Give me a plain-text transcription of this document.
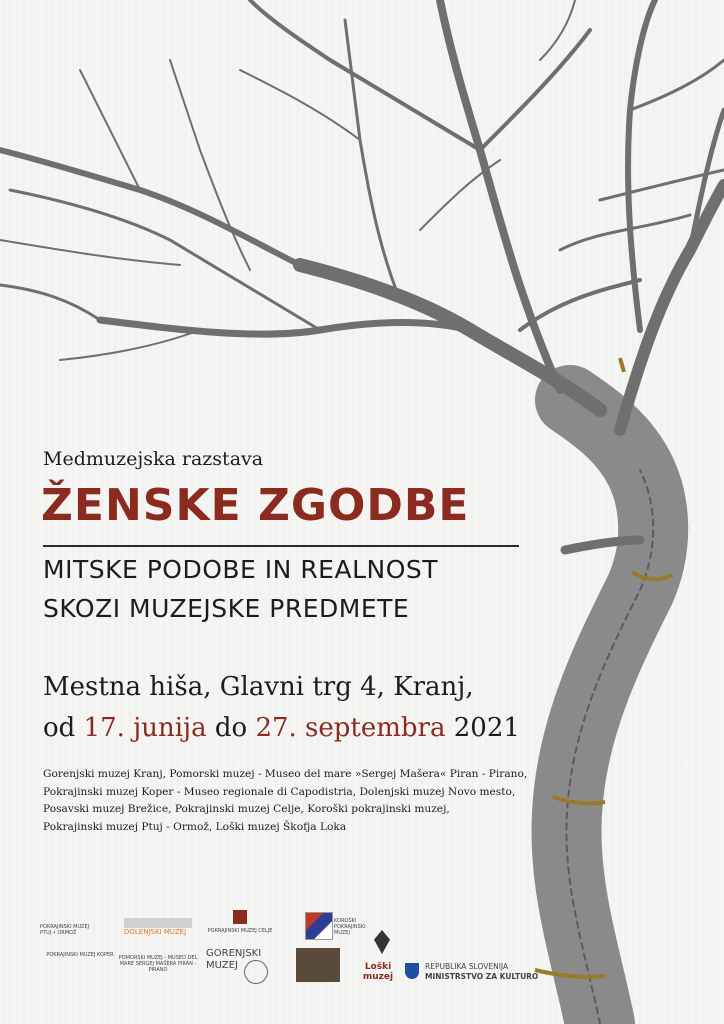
Medmuzejska razstava
ŽENSKE ZGODBE
MITSKE PODOBE IN REALNOST
SKOZI MUZEJSKE PREDMETE
Mestna hiša, Glavni trg 4, Kranj,
od 17. junija do 27. septembra 2021
Gorenjski muzej Kranj, Pomorski muzej - Museo del mare »Sergej Mašera« Piran - Pirano,
Pokrajinski muzej Koper - Museo regionale di Capodistria, Dolenjski muzej Novo mesto,
Posavski muzej Brežice, Pokrajinski muzej Celje, Koroški pokrajinski muzej,
Pokrajinski muzej Ptuj - Ormož, Loški muzej Škofja Loka
POKRAJINSKI MUZEJ PTUJ • ORMOŽ	DOLENJSKI MUZEJ	POKRAJINSKI MUZEJ CELJE
KOROŠKI POKRAJINSKI MUZEJ
POKRAJINSKI MUZEJ KOPER POMORSKI MUZEJ - MUSEO DEL MARE SERGEJ MAŠERA PIRAN - PIRANO
GORENJSKI MUZEJ	Loški muzej
REPUBLIKA SLOVENIJA
MINISTRSTVO ZA KULTURO
